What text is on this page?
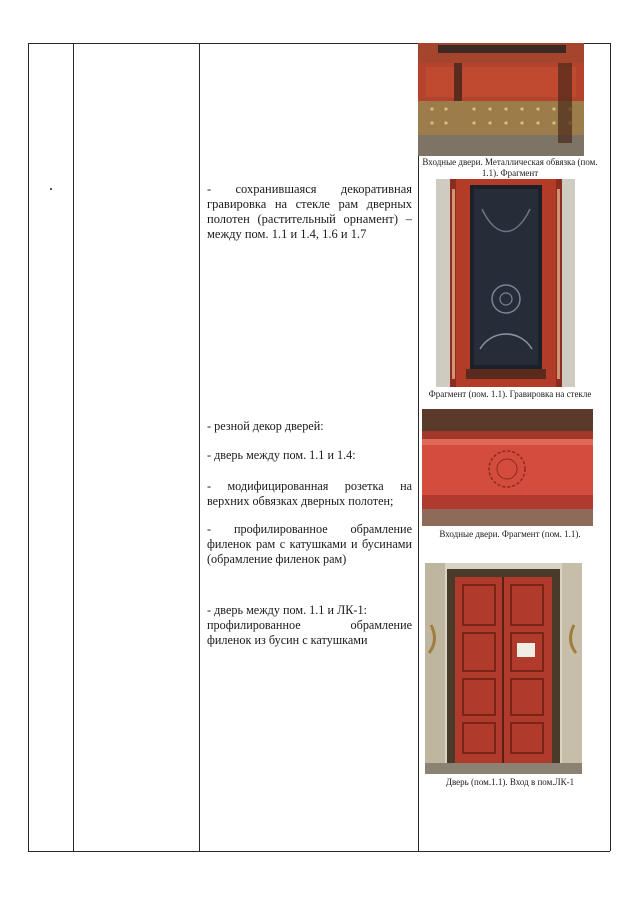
- сохранившаяся декоративная гравировка на стекле рам дверных полотен (растительный орнамент) – между пом. 1.1 и 1.4, 1.6 и 1.7
- резной декор дверей:
- дверь между пом. 1.1 и 1.4:
- модифицированная розетка на верхних обвязках дверных полотен;
- профилированное обрамление филенок рам с катушками и бусинами (обрамление филенок рам)
- дверь между пом. 1.1 и ЛК-1:
профилированное обрамление филенок из бусин с катушками
Входные двери. Металлическая обвязка (пом. 1.1). Фрагмент
Фрагмент (пом. 1.1). Гравировка на стекле
Входные двери. Фрагмент (пом. 1.1).
Дверь (пом.1.1). Вход в пом.ЛК-1
